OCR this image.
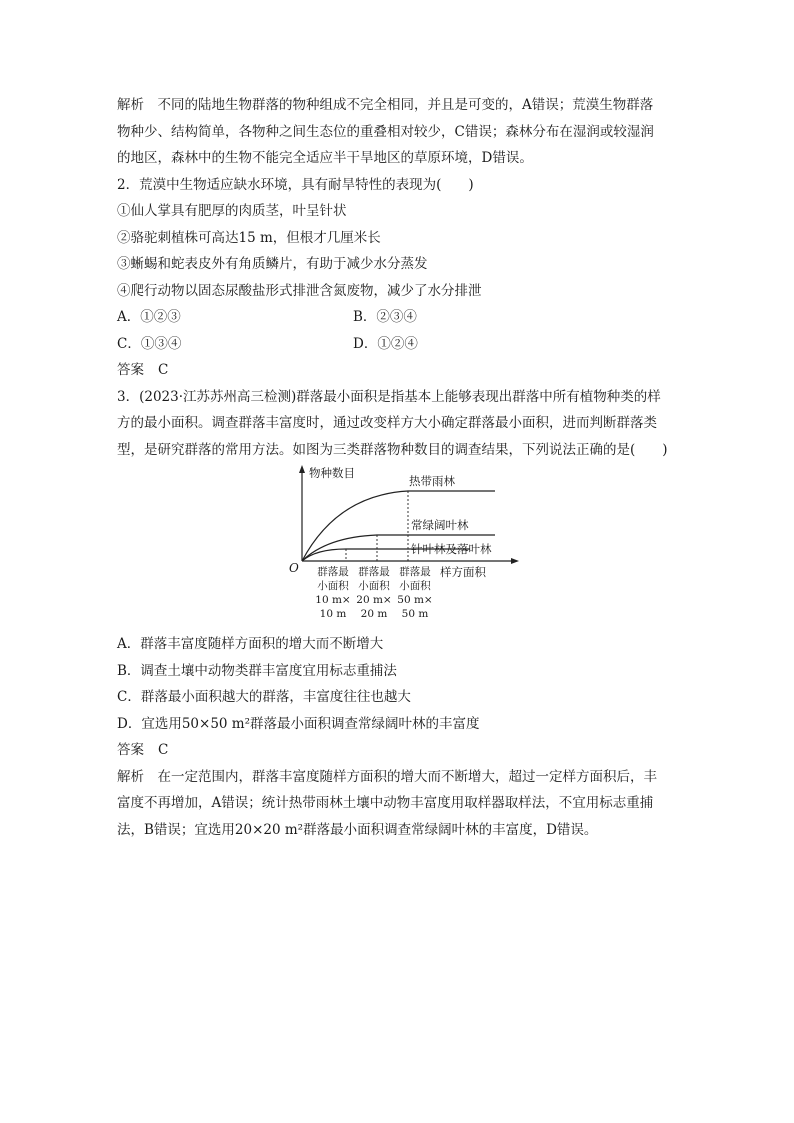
解析　不同的陆地生物群落的物种组成不完全相同，并且是可变的，A错误；荒漠生物群落
物种少、结构简单，各物种之间生态位的重叠相对较少，C错误；森林分布在湿润或较湿润
的地区，森林中的生物不能完全适应半干旱地区的草原环境，D错误。
2．荒漠中生物适应缺水环境，具有耐旱特性的表现为(　　)
①仙人掌具有肥厚的肉质茎，叶呈针状
②骆驼刺植株可高达15 m，但根才几厘米长
③蜥蜴和蛇表皮外有角质鳞片，有助于减少水分蒸发
④爬行动物以固态尿酸盐形式排泄含氮废物，减少了水分排泄
A．①②③	B．②③④
C．①③④	D．①②④
答案 C
3．(2023·江苏苏州高三检测)群落最小面积是指基本上能够表现出群落中所有植物种类的样
方的最小面积。调查群落丰富度时，通过改变样方大小确定群落最小面积，进而判断群落类
型，是研究群落的常用方法。如图为三类群落物种数目的调查结果，下列说法正确的是(　　)
物种数目
样方面积
O
热带雨林
常绿阔叶林
针叶林及落叶林
群落最
小面积
10 m×
10 m
群落最
小面积
20 m×
20 m
群落最
小面积
50 m×
50 m
A．群落丰富度随样方面积的增大而不断增大
B．调查土壤中动物类群丰富度宜用标志重捕法
C．群落最小面积越大的群落，丰富度往往也越大
D．宜选用50×50 m²群落最小面积调查常绿阔叶林的丰富度
答案 C
解析　在一定范围内，群落丰富度随样方面积的增大而不断增大，超过一定样方面积后，丰
富度不再增加，A错误；统计热带雨林土壤中动物丰富度用取样器取样法，不宜用标志重捕
法，B错误；宜选用20×20 m²群落最小面积调查常绿阔叶林的丰富度，D错误。
